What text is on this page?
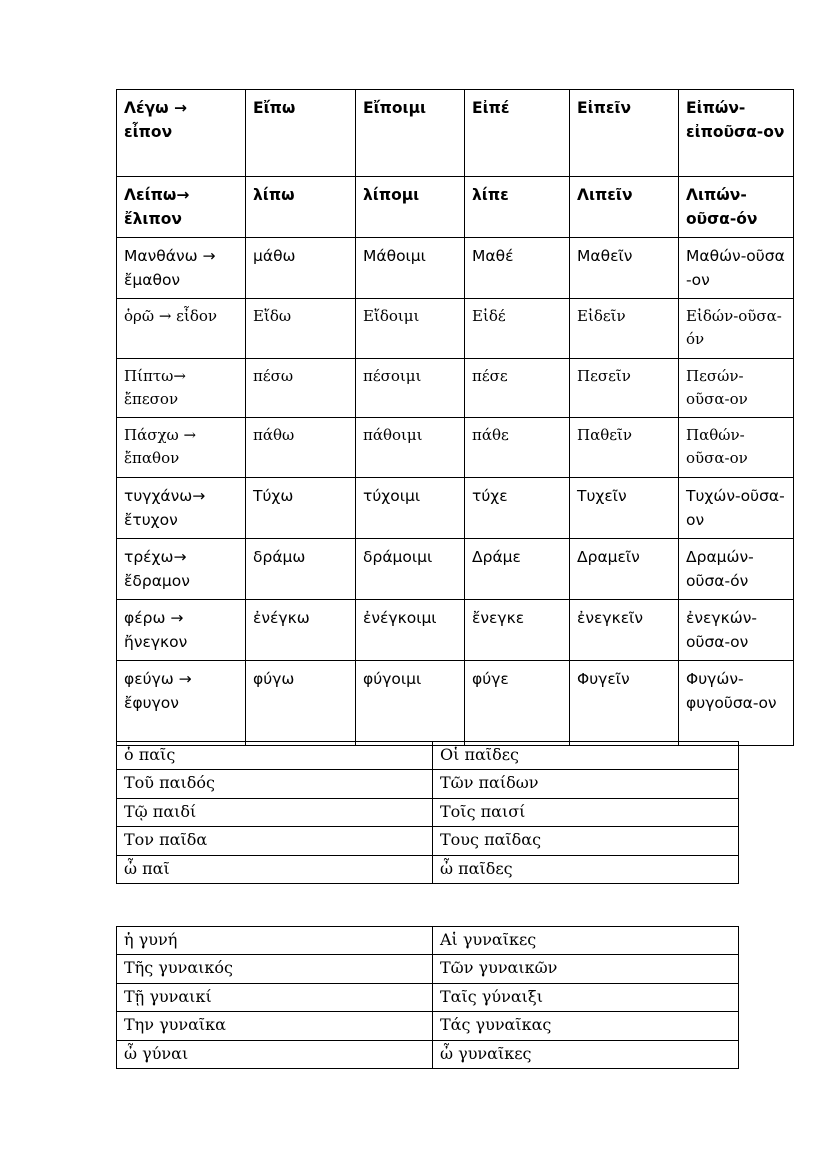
Λέγω → εἶπον	Εἴπω	Εἴποιμι	Εἰπέ	Εἰπεῖν	Εἰπών-εἰποῦσα-ον
Λείπω→ ἔλιπον	λίπω	λίπομι	λίπε	Λιπεῖν	Λιπών-οῦσα-όν
Μανθάνω → ἔμαθον	μάθω	Μάθοιμι	Μαθέ	Μαθεῖν	Μαθών-οῦσα -ον
ὁρῶ → εἶδον	Εἴδω	Εἴδοιμι	Εἰδέ	Εἰδεῖν	Εἰδών-οῦσα-όν
Πίπτω→ ἔπεσον	πέσω	πέσοιμι	πέσε	Πεσεῖν	Πεσών-οῦσα-ον
Πάσχω → ἔπαθον	πάθω	πάθοιμι	πάθε	Παθεῖν	Παθών-οῦσα-ον
τυγχάνω→ ἔτυχον	Τύχω	τύχοιμι	τύχε	Τυχεῖν	Τυχών-οῦσα-ον
τρέχω→ ἔδραμον	δράμω	δράμοιμι	Δράμε	Δραμεῖν	Δραμών-οῦσα-όν
φέρω → ἤνεγκον	ἐνέγκω	ἐνέγκοιμι	ἔνεγκε	ἐνεγκεῖν	ἐνεγκών-οῦσα-ον
φεύγω → ἔφυγον	φύγω	φύγοιμι	φύγε	Φυγεῖν	Φυγών-φυγοῦσα-ον
ὁ παῖς	Οἱ παῖδες
Τοῦ παιδός	Τῶν παίδων
Τῷ παιδί	Τοῖς παισί
Τον παῖδα	Τους παῖδας
ὦ παῖ	ὦ παῖδες
ἡ γυνή	Αἱ γυναῖκες
Τῆς γυναικός	Τῶν γυναικῶν
Τῇ γυναικί	Ταῖς γύναιξι
Την γυναῖκα	Τάς γυναῖκας
ὦ γύναι	ὦ γυναῖκες
